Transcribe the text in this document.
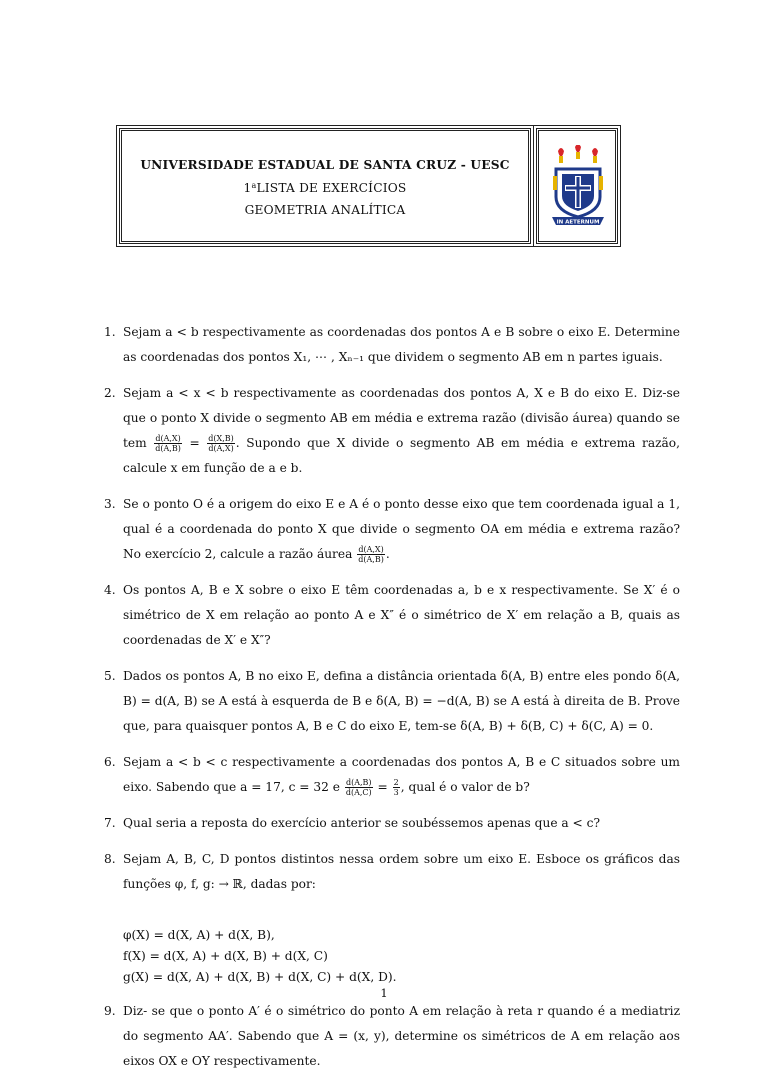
UNIVERSIDADE ESTADUAL DE SANTA CRUZ - UESC
1$^a$LISTA DE EXERCÍCIOS
GEOMETRIA ANALÍTICA
IN AETERNUM
1. Sejam a < b respectivamente as coordenadas dos pontos A e B sobre o eixo E. Determine as coordenadas dos pontos X₁, ⋯ , Xₙ₋₁ que dividem o segmento AB em n partes iguais.
2. Sejam a < x < b respectivamente as coordenadas dos pontos A, X e B do eixo E. Diz-se que o ponto X divide o segmento AB em média e extrema razão (divisão áurea) quando se tem $\frac{d(A,X)}{d(A,B)} = \frac{d(X,B)}{d(A,X)}$ . Supondo que X divide o segmento AB em média e extrema razão, calcule x em função de a e b.
3. Se o ponto O é a origem do eixo E e A é o ponto desse eixo que tem coordenada igual a 1, qual é a coordenada do ponto X que divide o segmento OA em média e extrema razão? No exercício 2, calcule a razão áurea $\frac{d(A,X)}{d(A,B)}$ .
4. Os pontos A, B e X sobre o eixo E têm coordenadas a, b e x respectivamente. Se X′ é o simétrico de X em relação ao ponto A e X″ é o simétrico de X′ em relação a B, quais as coordenadas de X′ e X″?
5. Dados os pontos A, B no eixo E, defina a distância orientada δ(A, B) entre eles pondo δ(A, B) = d(A, B) se A está à esquerda de B e δ(A, B) = −d(A, B) se A está à direita de B. Prove que, para quaisquer pontos A, B e C do eixo E, tem-se δ(A, B) + δ(B, C) + δ(C, A) = 0.
6. Sejam a < b < c respectivamente a coordenadas dos pontos A, B e C situados sobre um eixo. Sabendo que a = 17, c = 32 e $\frac{d(A,B)}{d(A,C)} = \frac{2}{3}$ , qual é o valor de b?
7. Qual seria a reposta do exercício anterior se soubéssemos apenas que a < c?
8. Sejam A, B, C, D pontos distintos nessa ordem sobre um eixo E. Esboce os gráficos das funções φ, f, g: → ℝ, dadas por:
φ(X) = d(X, A) + d(X, B),
f(X) = d(X, A) + d(X, B) + d(X, C)
g(X) = d(X, A) + d(X, B) + d(X, C) + d(X, D).
9. Diz- se que o ponto A′ é o simétrico do ponto A em relação à reta r quando é a mediatriz do segmento AA′. Sabendo que A = (x, y), determine os simétricos de A em relação aos eixos OX e OY respectivamente.
1
